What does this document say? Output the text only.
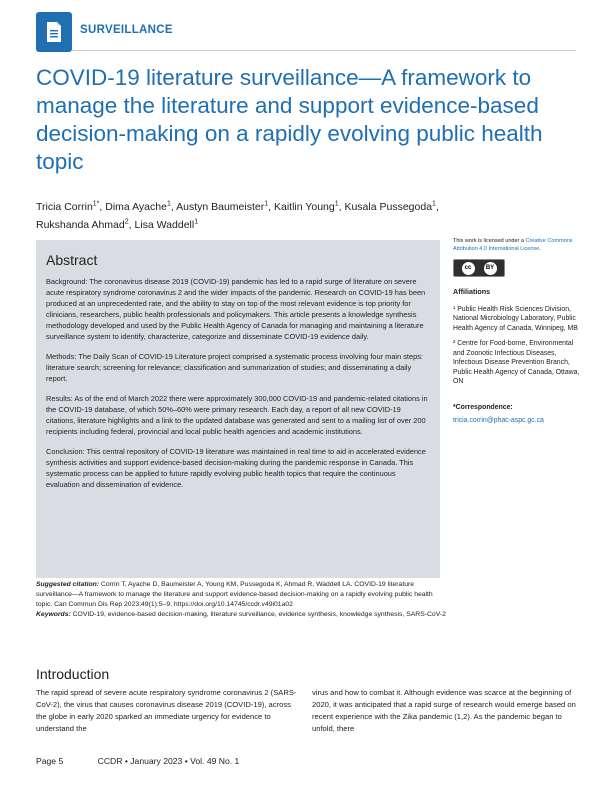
SURVEILLANCE
COVID-19 literature surveillance—A framework to manage the literature and support evidence-based decision-making on a rapidly evolving public health topic
Tricia Corrin$^{1*}$, Dima Ayache$^1$, Austyn Baumeister$^1$, Kaitlin Young$^1$, Kusala Pussegoda$^1$,
Rukshanda Ahmad$^2$, Lisa Waddell$^1$
Abstract

Background: The coronavirus disease 2019 (COVID-19) pandemic has led to a rapid surge of literature on severe acute respiratory syndrome coronavirus 2 and the wider impacts of the pandemic. Research on COVID-19 has been produced at an unprecedented rate, and the ability to stay on top of the most relevant evidence is top priority for clinicians, researchers, public health professionals and policymakers. This article presents a knowledge synthesis methodology developed and used by the Public Health Agency of Canada for managing and maintaining a literature surveillance system to identify, characterize, categorize and disseminate COVID-19 evidence daily.

Methods: The Daily Scan of COVID-19 Literature project comprised a systematic process involving four main steps: literature search; screening for relevance; classification and summarization of studies; and disseminating a daily report.

Results: As of the end of March 2022 there were approximately 300,000 COVID-19 and pandemic-related citations in the COVID-19 database, of which 50%–60% were primary research. Each day, a report of all new COVID-19 citations, literature highlights and a link to the updated database was generated and sent to a mailing list of over 200 recipients including federal, provincial and local public health agencies and academic institutions.

Conclusion: This central repository of COVID-19 literature was maintained in real time to aid in accelerated evidence synthesis activities and support evidence-based decision-making during the pandemic response in Canada. This systematic process can be applied to future rapidly evolving public health topics that require the continuous evaluation and dissemination of evidence.

Suggested citation: Corrin T, Ayache D, Baumeister A, Young KM, Pussegoda K, Ahmad R, Waddell LA. COVID-19 literature surveillance—A framework to manage the literature and support evidence-based decision-making on a rapidly evolving public health topic. Can Commun Dis Rep 2023;49(1):5–9. https://doi.org/10.14745/ccdr.v49i01a02
Keywords: COVID-19, evidence-based decision-making, literature surveillance, evidence synthesis, knowledge synthesis, SARS-CoV-2
This work is licensed under a Creative Commons Attribution 4.0 International License.
cc	BY
Affiliations
¹ Public Health Risk Sciences Division, National Microbiology Laboratory, Public Health Agency of Canada, Winnipeg, MB
² Centre for Food-borne, Environmental and Zoonotic Infectious Diseases, Infectious Disease Prevention Branch, Public Health Agency of Canada, Ottawa, ON
*Correspondence:
tricia.corrin@phac-aspc.gc.ca
Introduction
The rapid spread of severe acute respiratory syndrome coronavirus 2 (SARS-CoV-2), the virus that causes coronavirus disease 2019 (COVID-19), across the globe in early 2020 sparked an immediate urgency for evidence to understand the
virus and how to combat it. Although evidence was scarce at the beginning of 2020, it was anticipated that a rapid surge of research would emerge based on recent experience with the Zika pandemic (1,2). As the pandemic began to unfold, there
Page 5	CCDR • January 2023 • Vol. 49 No. 1
